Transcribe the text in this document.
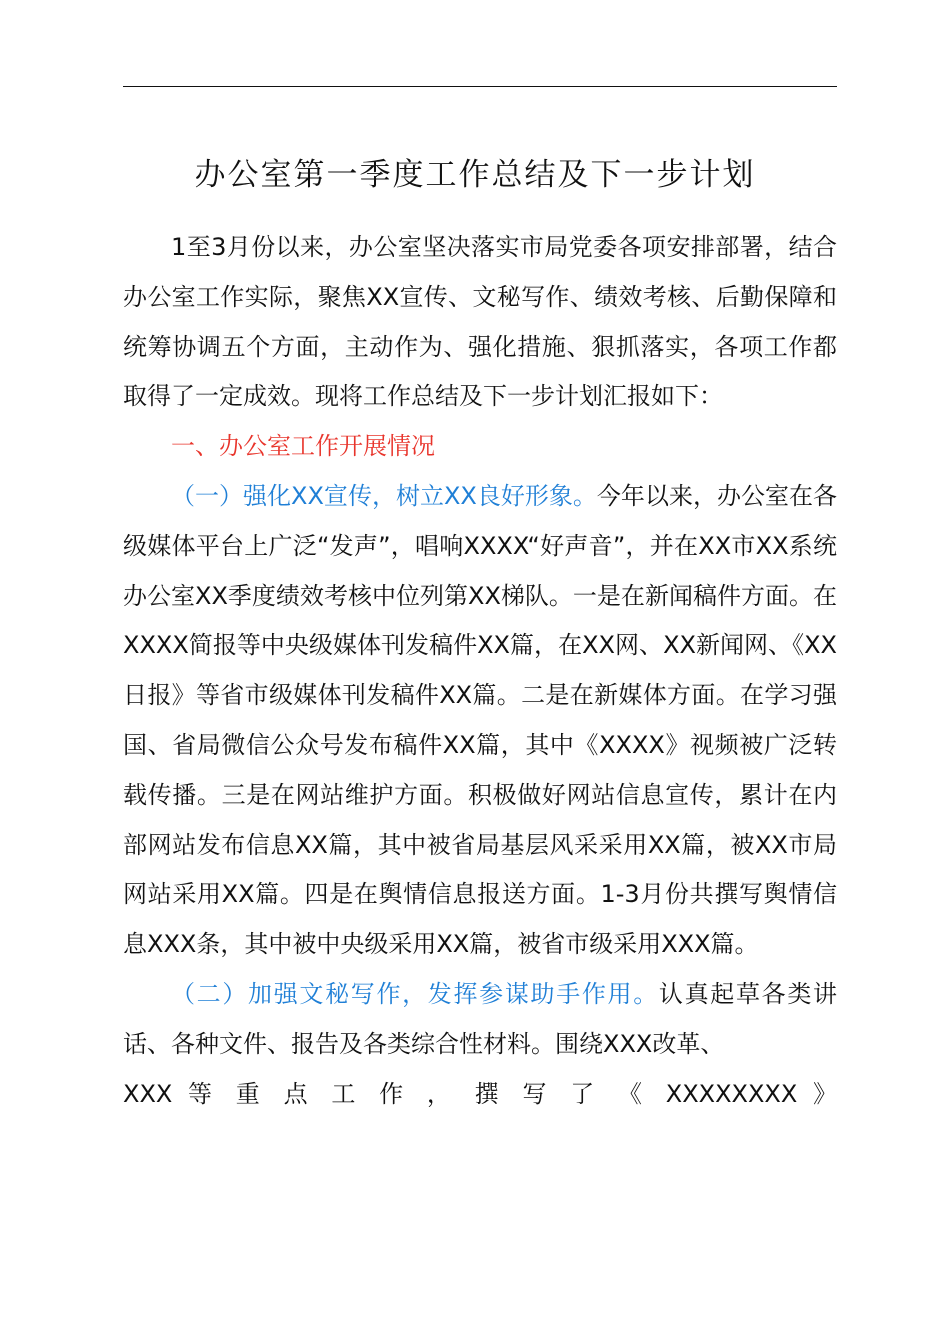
办公室第一季度工作总结及下一步计划

1至3月份以来，办公室坚决落实市局党委各项安排部署，结合办公室工作实际，聚焦XX宣传、文秘写作、绩效考核、后勤保障和统筹协调五个方面，主动作为、强化措施、狠抓落实，各项工作都取得了一定成效。现将工作总结及下一步计划汇报如下：

一、办公室工作开展情况

（一）强化XX宣传，树立XX良好形象。今年以来，办公室在各级媒体平台上广泛“发声”，唱响XXXX“好声音”，并在XX市XX系统办公室XX季度绩效考核中位列第XX梯队。一是在新闻稿件方面。在XXXX简报等中央级媒体刊发稿件XX篇，在XX网、XX新闻网、《XX日报》等省市级媒体刊发稿件XX篇。二是在新媒体方面。在学习强国、省局微信公众号发布稿件XX篇，其中《XXXX》视频被广泛转载传播。三是在网站维护方面。积极做好网站信息宣传，累计在内部网站发布信息XX篇，其中被省局基层风采采用XX篇，被XX市局网站采用XX篇。四是在舆情信息报送方面。1-3月份共撰写舆情信息XXX条，其中被中央级采用XX篇，被省市级采用XXX篇。

（二）加强文秘写作，发挥参谋助手作用。认真起草各类讲话、各种文件、报告及各类综合性材料。围绕XXX改革、

XXX 等 重 点 工 作 ， 撰 写 了 《 XXXXXXXX 》
